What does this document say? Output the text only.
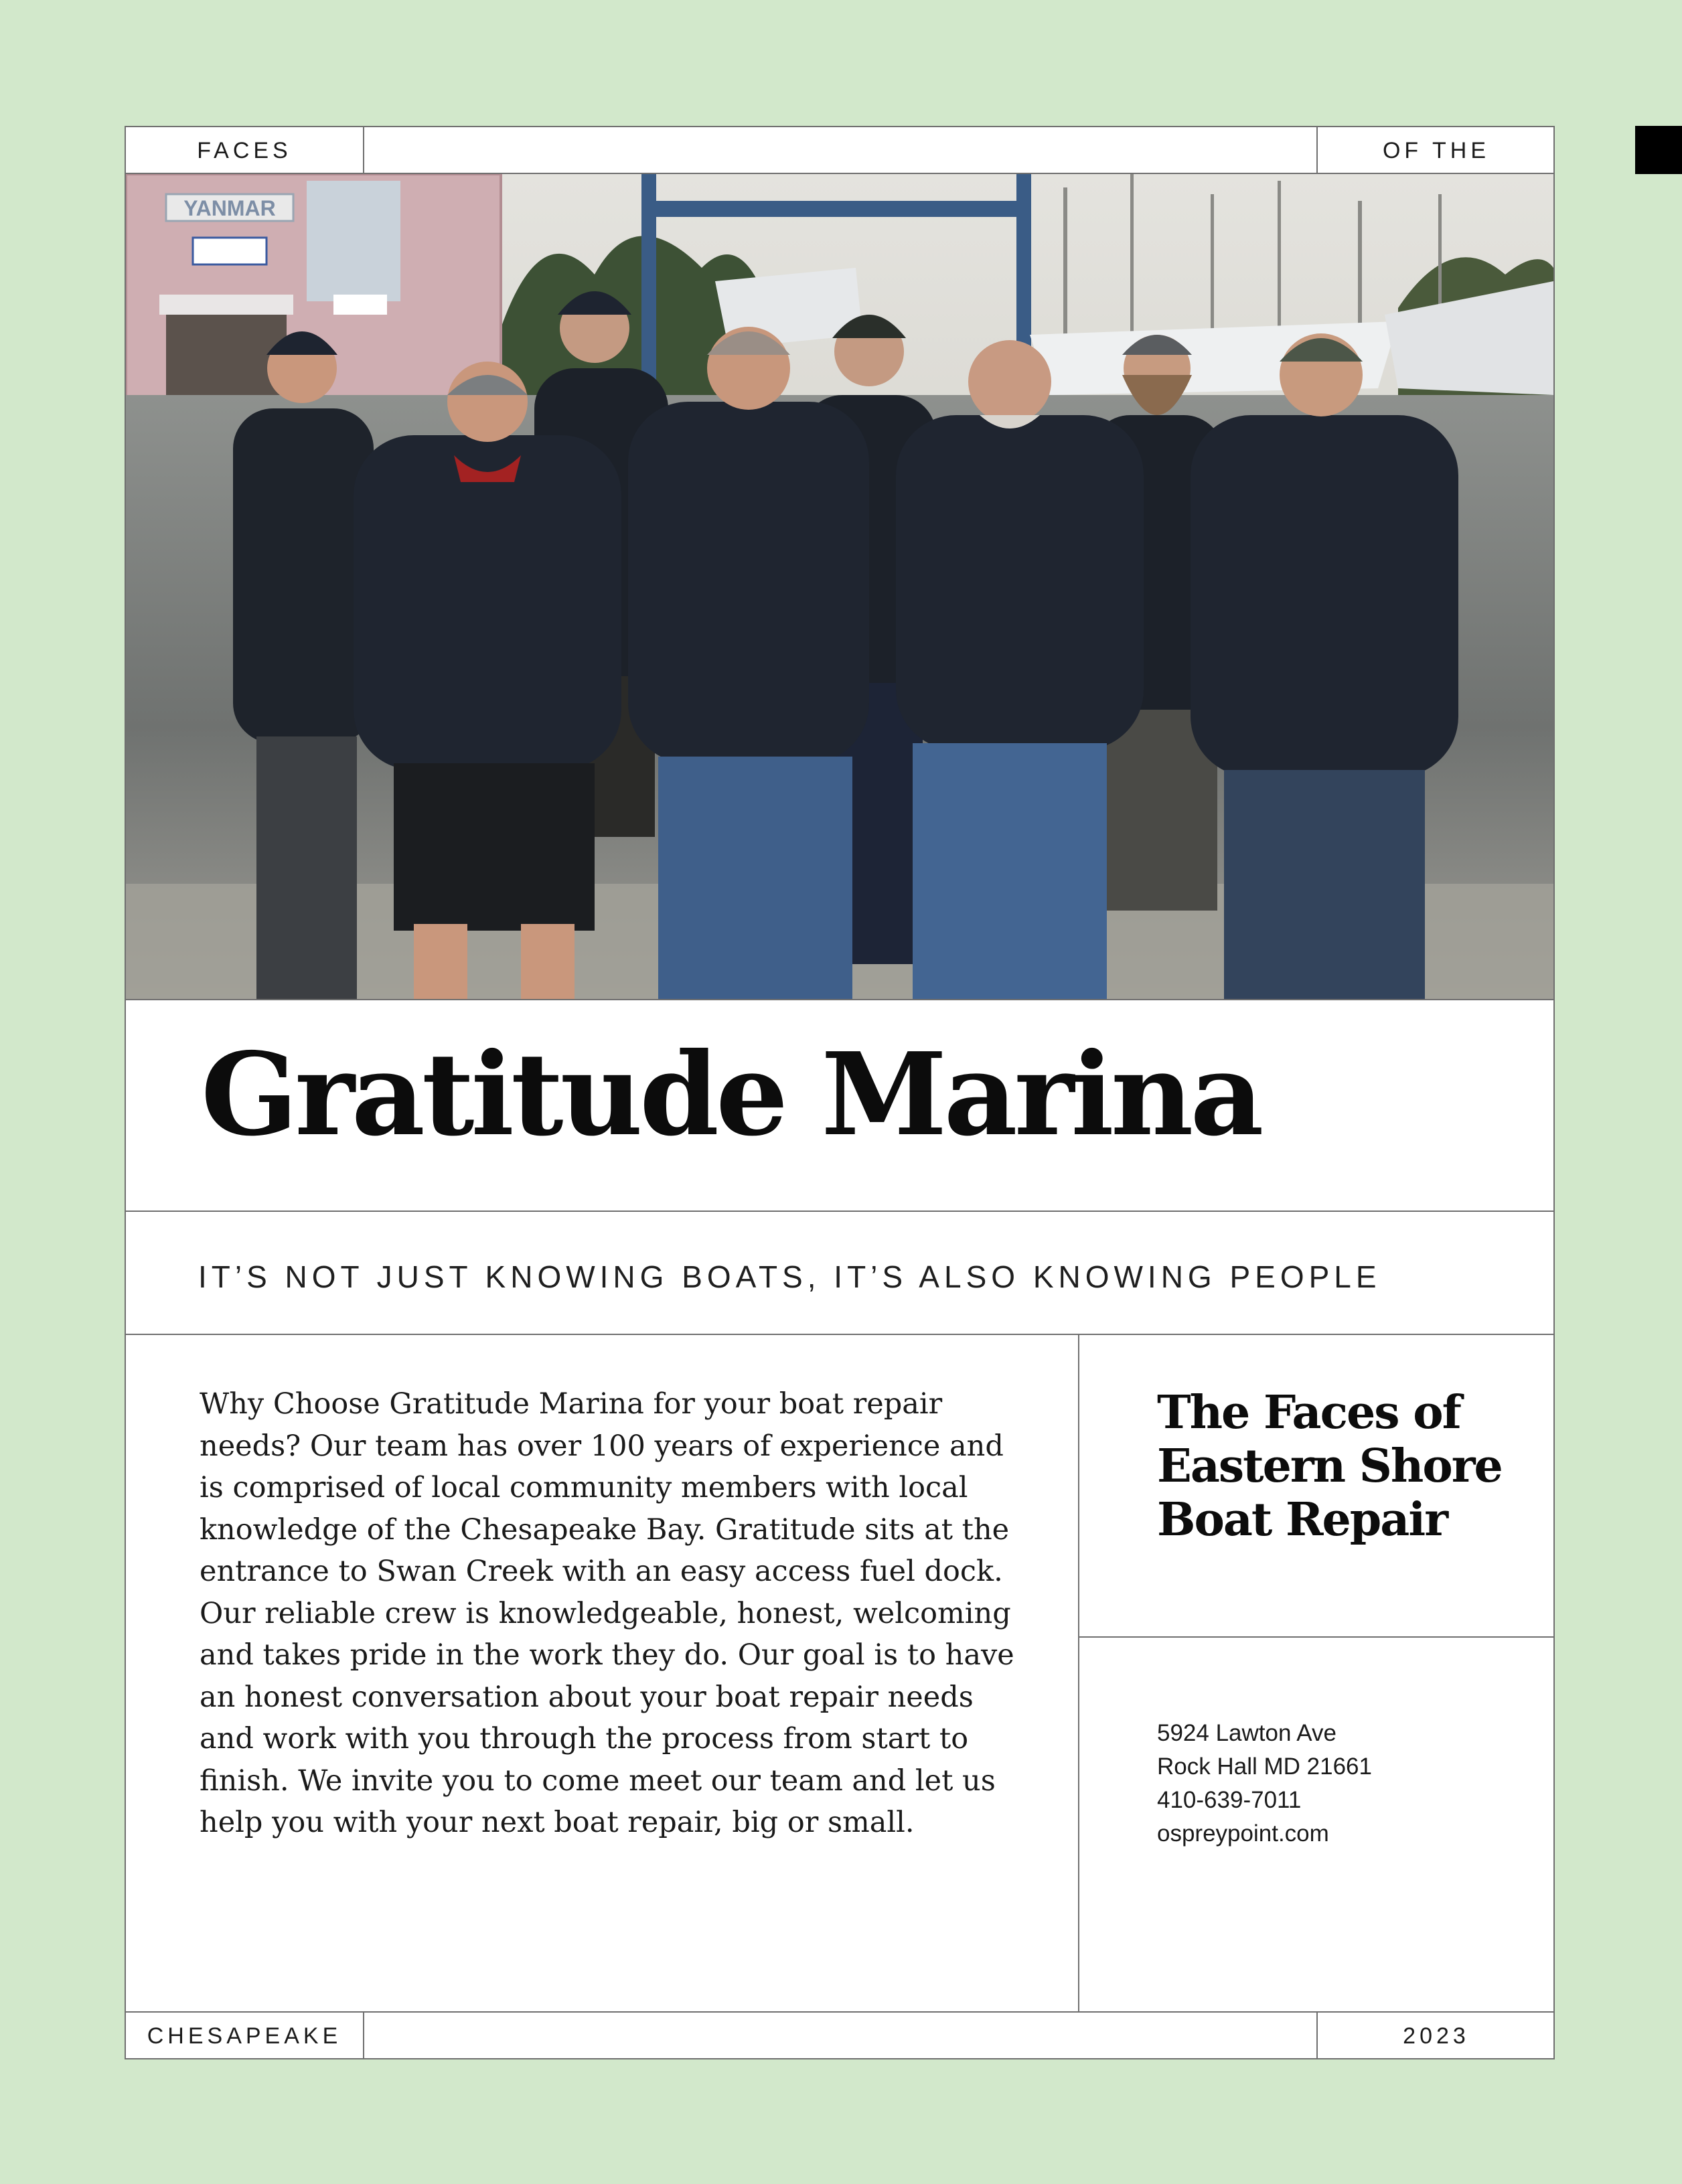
FACES	OF THE
YANMAR
Gratitude Marina

IT’S NOT JUST KNOWING BOATS, IT’S ALSO KNOWING PEOPLE

Why Choose Gratitude Marina for your boat repair needs? Our team has over 100 years of experience and is comprised of local community members with local knowledge of the Chesapeake Bay. Gratitude sits at the entrance to Swan Creek with an easy access fuel dock. Our reliable crew is knowledgeable, honest, welcoming and takes pride in the work they do. Our goal is to have an honest conversation about your boat repair needs and work with you through the process from start to finish. We invite you to come meet our team and let us help you with your next boat repair, big or small.

The Faces of Eastern Shore Boat Repair
5924 Lawton Ave
Rock Hall MD 21661
410-639-7011
ospreypoint.com
CHESAPEAKE	2023
